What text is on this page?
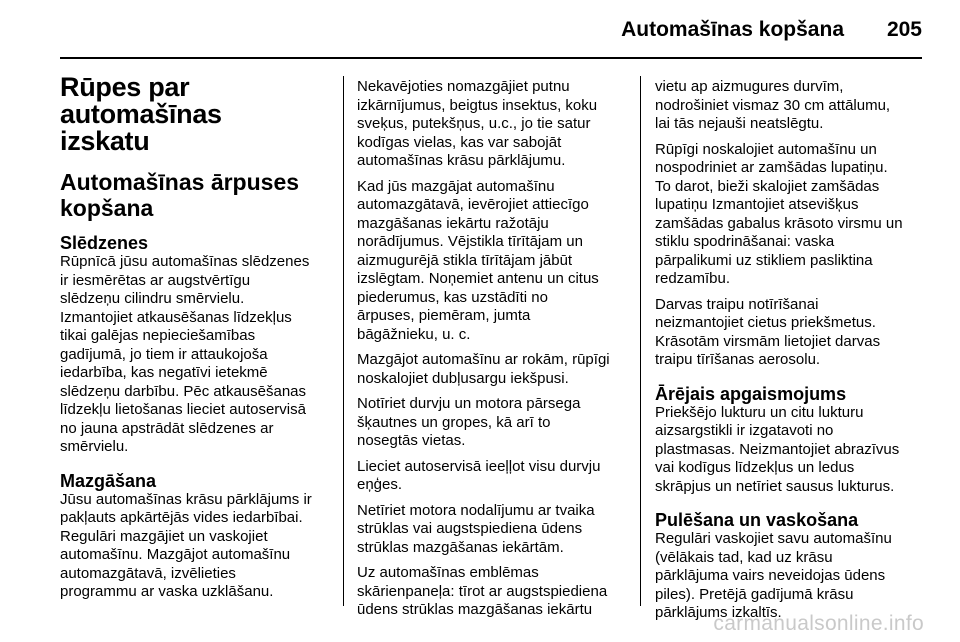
Automašīnas kopšana 205
Rūpes par automašīnas
izskatu
Automašīnas ārpuses
kopšana
Slēdzenes

Rūpnīcā jūsu automašīnas slēdzenes
ir iesmērētas ar augstvērtīgu
slēdzeņu cilindru smērvielu.
Izmantojiet atkausēšanas līdzekļus
tikai galējas nepieciešamības
gadījumā, jo tiem ir attaukojoša
iedarbība, kas negatīvi ietekmē
slēdzeņu darbību. Pēc atkausēšanas
līdzekļu lietošanas lieciet autoservisā
no jauna apstrādāt slēdzenes ar
smērvielu.

Mazgāšana

Jūsu automašīnas krāsu pārklājums ir
pakļauts apkārtējās vides iedarbībai.
Regulāri mazgājiet un vaskojiet
automašīnu. Mazgājot automašīnu
automazgātavā, izvēlieties
programmu ar vaska uzklāšanu.

Nekavējoties nomazgājiet putnu
izkārnījumus, beigtus insektus, koku
sveķus, putekšņus, u.c., jo tie satur
kodīgas vielas, kas var sabojāt
automašīnas krāsu pārklājumu.

Kad jūs mazgājat automašīnu
automazgātavā, ievērojiet attiecīgo
mazgāšanas iekārtu ražotāju
norādījumus. Vējstikla tīrītājam un
aizmugurējā stikla tīrītājam jābūt
izslēgtam. Noņemiet antenu un citus
piederumus, kas uzstādīti no
ārpuses, piemēram, jumta
bāgāžnieku, u. c.

Mazgājot automašīnu ar rokām, rūpīgi
noskalojiet dubļusargu iekšpusi.

Notīriet durvju un motora pārsega
šķautnes un gropes, kā arī to
nosegtās vietas.

Lieciet autoservisā ieeļļot visu durvju
eņģes.

Netīriet motora nodalījumu ar tvaika
strūklas vai augstspiediena ūdens
strūklas mazgāšanas iekārtām.

Uz automašīnas emblēmas
skārienpaneļa: tīrot ar augstspiediena
ūdens strūklas mazgāšanas iekārtu

vietu ap aizmugures durvīm,
nodrošiniet vismaz 30 cm attālumu,
lai tās nejauši neatslēgtu.

Rūpīgi noskalojiet automašīnu un
nospodriniet ar zamšādas lupatiņu.
To darot, bieži skalojiet zamšādas
lupatiņu Izmantojiet atsevišķus
zamšādas gabalus krāsoto virsmu un
stiklu spodrināšanai: vaska
pārpalikumi uz stikliem pasliktina
redzamību.

Darvas traipu notīrīšanai
neizmantojiet cietus priekšmetus.
Krāsotām virsmām lietojiet darvas
traipu tīrīšanas aerosolu.

Ārējais apgaismojums

Priekšējo lukturu un citu lukturu
aizsargstikli ir izgatavoti no
plastmasas. Neizmantojiet abrazīvus
vai kodīgus līdzekļus un ledus
skrāpjus un netīriet sausus lukturus.

Pulēšana un vaskošana

Regulāri vaskojiet savu automašīnu
(vēlākais tad, kad uz krāsu
pārklājuma vairs neveidojas ūdens
piles). Pretējā gadījumā krāsu
pārklājums izkaltīs.

carmanualsonline.info
